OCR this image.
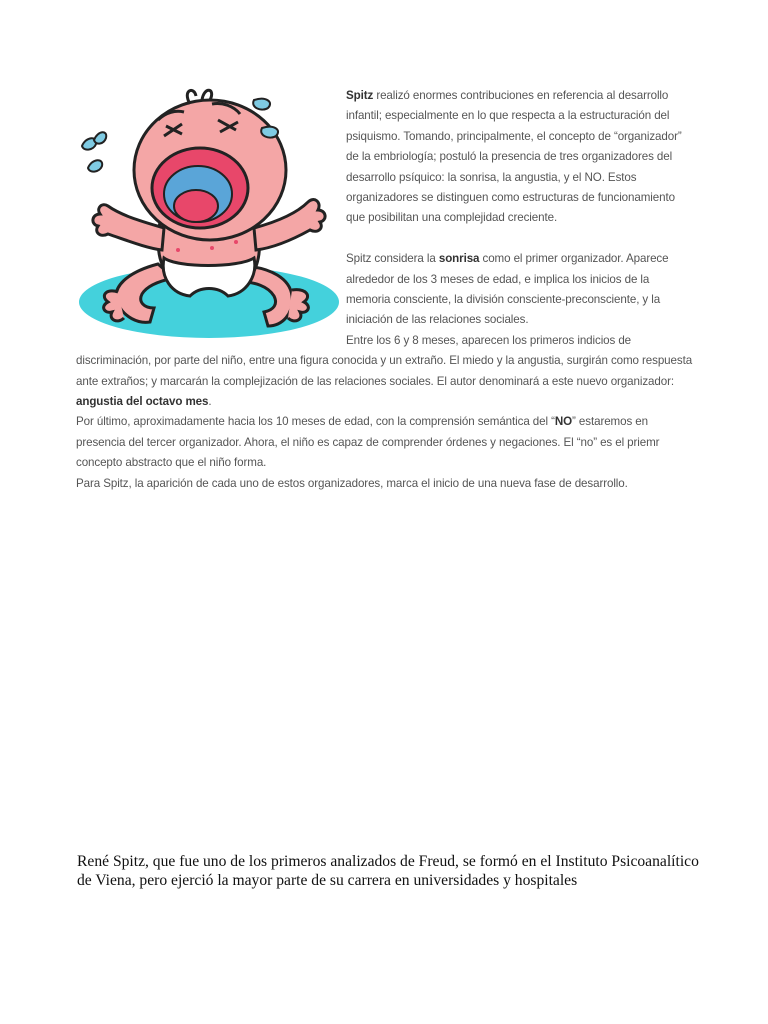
Spitz realizó enormes contribuciones en referencia al desarrollo infantil; especialmente en lo que respecta a la estructuración del psiquismo. Tomando, principalmente, el concepto de “organizador” de la embriología; postuló la presencia de tres organizadores del desarrollo psíquico: la sonrisa, la angustia, y el NO. Estos organizadores se distinguen como estructuras de funcionamiento que posibilitan una complejidad creciente.

Spitz considera la sonrisa como el primer organizador. Aparece alrededor de los 3 meses de edad, e implica los inicios de la memoria consciente, la división consciente-preconsciente, y la iniciación de las relaciones sociales.

Entre los 6 y 8 meses, aparecen los primeros indicios de discriminación, por parte del niño, entre una figura conocida y un extraño. El miedo y la angustia, surgirán como respuesta ante extraños; y marcarán la complejización de las relaciones sociales. El autor denominará a este nuevo organizador: angustia del octavo mes.

Por último, aproximadamente hacia los 10 meses de edad, con la comprensión semántica del “NO” estaremos en presencia del tercer organizador. Ahora, el niño es capaz de comprender órdenes y negaciones. El “no” es el priemr concepto abstracto que el niño forma.

Para Spitz, la aparición de cada uno de estos organizadores, marca el inicio de una nueva fase de desarrollo.

René Spitz, que fue uno de los primeros analizados de Freud, se formó en el Instituto Psicoanalítico de Viena, pero ejerció la mayor parte de su carrera en universidades y hospitales
